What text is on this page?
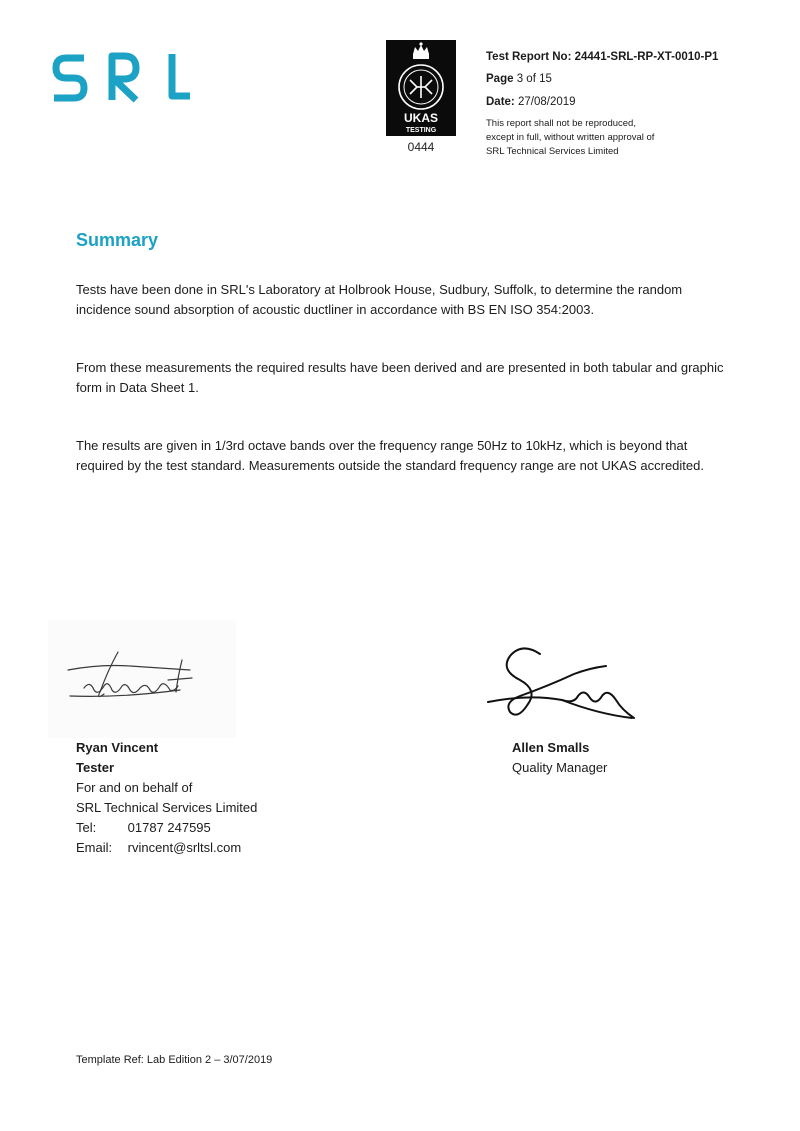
UKAS
TESTING
0444
Test Report No: 24441-SRL-RP-XT-0010-P1
Page 3 of 15
Date: 27/08/2019
This report shall not be reproduced,
except in full, without written approval of
SRL Technical Services Limited
Summary

Tests have been done in SRL's Laboratory at Holbrook House, Sudbury, Suffolk, to determine the random incidence sound absorption of acoustic ductliner in accordance with BS EN ISO 354:2003.

From these measurements the required results have been derived and are presented in both tabular and graphic form in Data Sheet 1.

The results are given in 1/3rd octave bands over the frequency range 50Hz to 10kHz, which is beyond that required by the test standard. Measurements outside the standard frequency range are not UKAS accredited.

Ryan Vincent
Tester
For and on behalf of
SRL Technical Services Limited
Tel: 01787 247595
Email: rvincent@srltsl.com
Allen Smalls
Quality Manager
Template Ref: Lab Edition 2 – 3/07/2019
